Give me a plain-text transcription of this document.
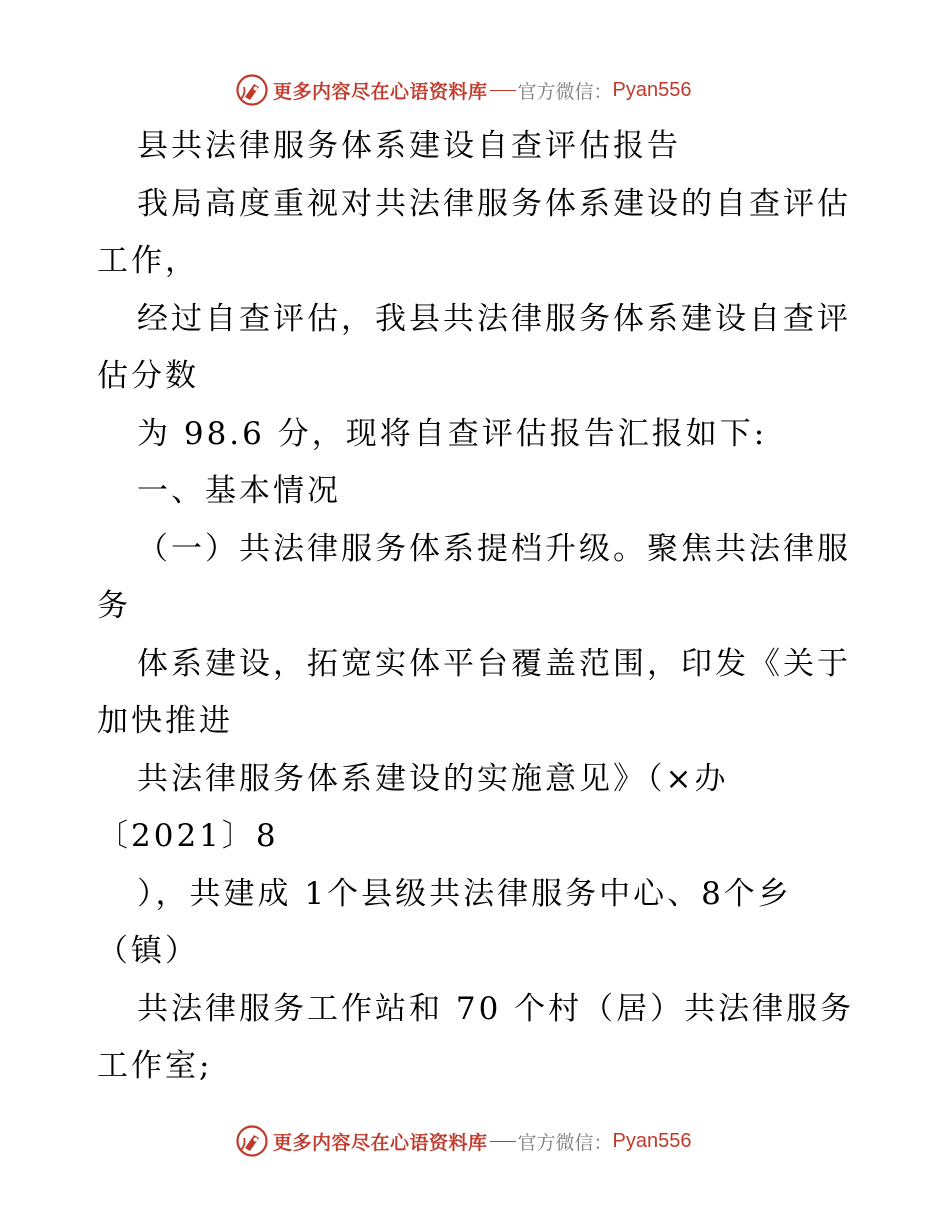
更多内容尽在心语资料库 官方微信： Pyan556
县共法律服务体系建设自查评估报告
我局高度重视对共法律服务体系建设的自查评估
工作，
经过自查评估，我县共法律服务体系建设自查评
估分数
为 98.6 分，现将自查评估报告汇报如下:
一、基本情况
（一）共法律服务体系提档升级。聚焦共法律服
务
体系建设，拓宽实体平台覆盖范围，印发《关于
加快推进
共法律服务体系建设的实施意见》（×办
〔2021〕8
），共建成 1个县级共法律服务中心、8个乡
（镇）
共法律服务工作站和 70 个村（居）共法律服务
工作室;
更多内容尽在心语资料库 官方微信： Pyan556
